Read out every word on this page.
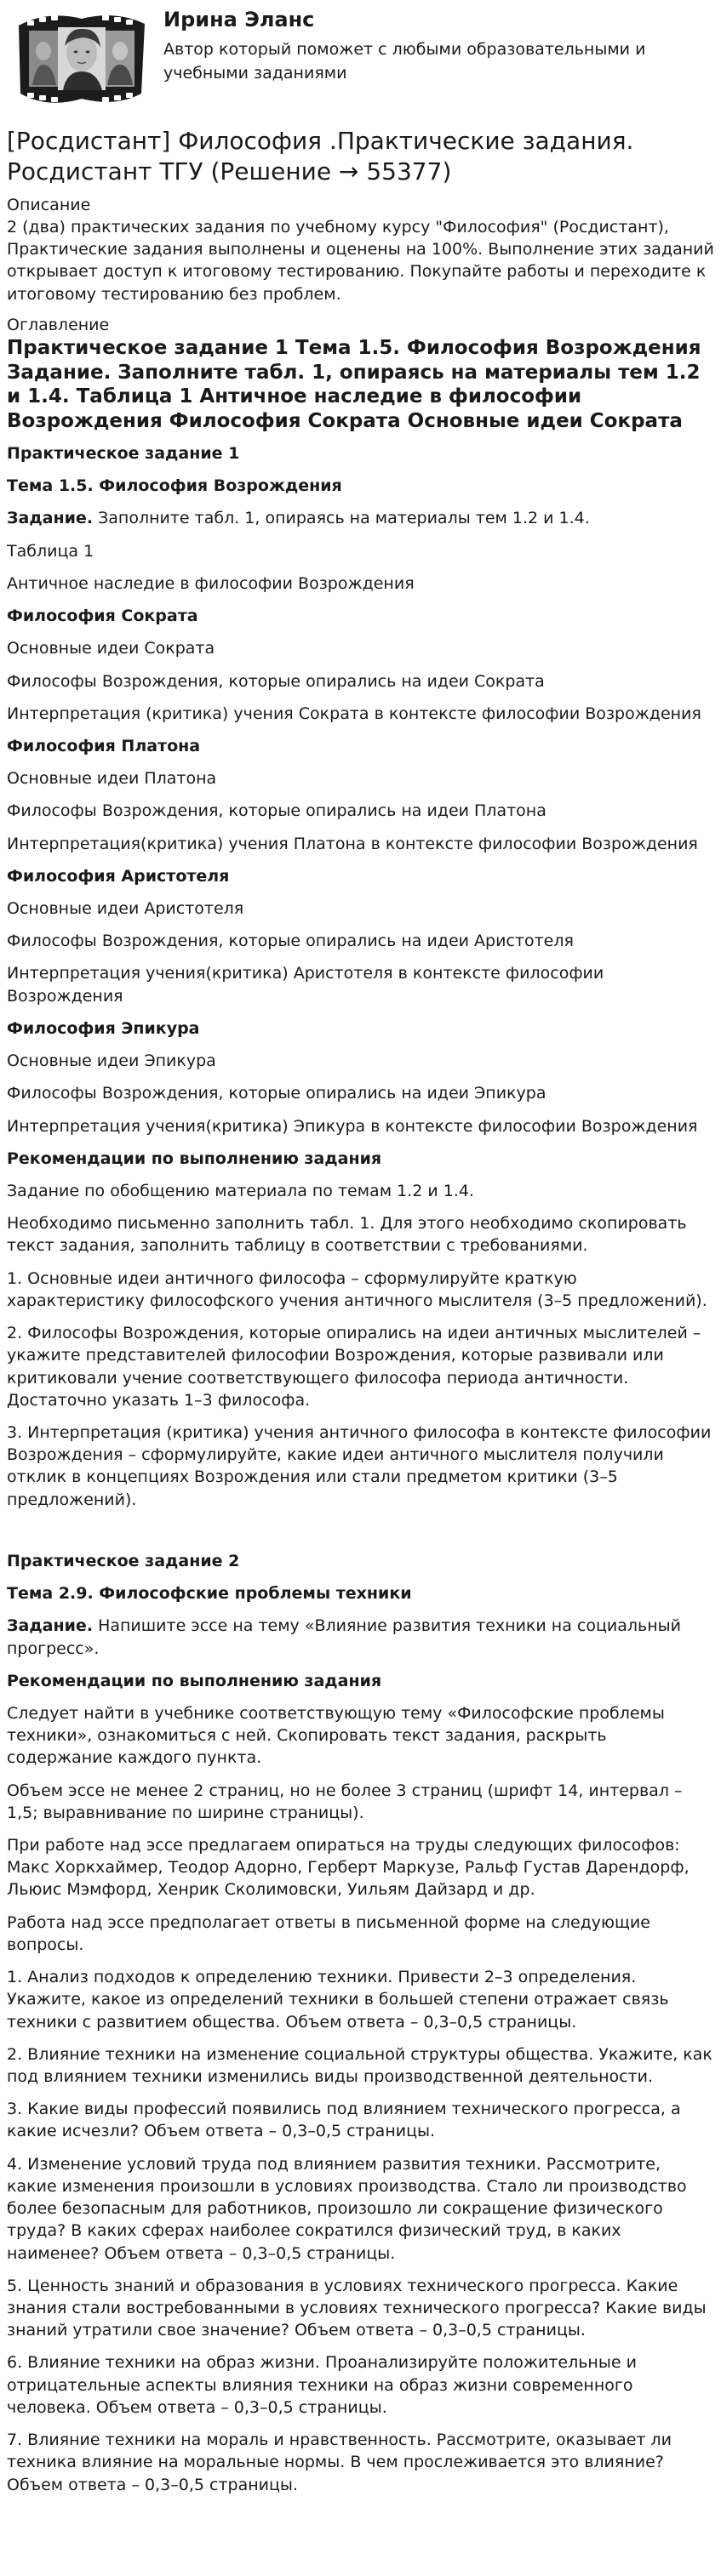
Ирина Эланс
Автор который поможет с любыми образовательными и учебными заданиями
[Росдистант] Философия .Практические задания. Росдистант ТГУ (Решение → 55377)
Описание
2 (два) практических задания по учебному курсу "Философия" (Росдистант), Практические задания выполнены и оценены на 100%. Выполнение этих заданий открывает доступ к итоговому тестированию. Покупайте работы и переходите к итоговому тестированию без проблем.
Оглавление
Практическое задание 1 Тема 1.5. Философия Возрождения Задание. Заполните табл. 1, опираясь на материалы тем 1.2 и 1.4. Таблица 1 Античное наследие в философии Возрождения Философия Сократа Основные идеи Сократа

Практическое задание 1

Тема 1.5. Философия Возрождения

Задание. Заполните табл. 1, опираясь на материалы тем 1.2 и 1.4.

Таблица 1

Античное наследие в философии Возрождения

Философия Сократа

Основные идеи Сократа

Философы Возрождения, которые опирались на идеи Сократа

Интерпретация (критика) учения Сократа в контексте философии Возрождения

Философия Платона

Основные идеи Платона

Философы Возрождения, которые опирались на идеи Платона

Интерпретация(критика) учения Платона в контексте философии Возрождения

Философия Аристотеля

Основные идеи Аристотеля

Философы Возрождения, которые опирались на идеи Аристотеля

Интерпретация учения(критика) Аристотеля в контексте философии Возрождения

Философия Эпикура

Основные идеи Эпикура

Философы Возрождения, которые опирались на идеи Эпикура

Интерпретация учения(критика) Эпикура в контексте философии Возрождения

Рекомендации по выполнению задания

Задание по обобщению материала по темам 1.2 и 1.4.

Необходимо письменно заполнить табл. 1. Для этого необходимо скопировать текст задания, заполнить таблицу в соответствии с требованиями.

1. Основные идеи античного философа – сформулируйте краткую характеристику философского учения античного мыслителя (3–5 предложений).

2. Философы Возрождения, которые опирались на идеи античных мыслителей – укажите представителей философии Возрождения, которые развивали или критиковали учение соответствующего философа периода античности. Достаточно указать 1–3 философа.

3. Интерпретация (критика) учения античного философа в контексте философии Возрождения – сформулируйте, какие идеи античного мыслителя получили отклик в концепциях Возрождения или стали предметом критики (3–5 предложений).

Практическое задание 2

Тема 2.9. Философские проблемы техники

Задание. Напишите эссе на тему «Влияние развития техники на социальный прогресс».

Рекомендации по выполнению задания

Следует найти в учебнике соответствующую тему «Философские проблемы техники», ознакомиться с ней. Скопировать текст задания, раскрыть содержание каждого пункта.

Объем эссе не менее 2 страниц, но не более 3 страниц (шрифт 14, интервал – 1,5; выравнивание по ширине страницы).

При работе над эссе предлагаем опираться на труды следующих философов: Макс Хоркхаймер, Теодор Адорно, Герберт Маркузе, Ральф Густав Дарендорф, Льюис Мэмфорд, Хенрик Сколимовски, Уильям Дайзард и др.

Работа над эссе предполагает ответы в письменной форме на следующие вопросы.

1. Анализ подходов к определению техники. Привести 2–3 определения. Укажите, какое из определений техники в большей степени отражает связь техники с развитием общества. Объем ответа – 0,3–0,5 страницы.

2. Влияние техники на изменение социальной структуры общества. Укажите, как под влиянием техники изменились виды производственной деятельности.

3. Какие виды профессий появились под влиянием технического прогресса, а какие исчезли? Объем ответа – 0,3–0,5 страницы.

4. Изменение условий труда под влиянием развития техники. Рассмотрите, какие изменения произошли в условиях производства. Стало ли производство более безопасным для работников, произошло ли сокращение физического труда? В каких сферах наиболее сократился физический труд, в каких наименее? Объем ответа – 0,3–0,5 страницы.

5. Ценность знаний и образования в условиях технического прогресса. Какие знания стали востребованными в условиях технического прогресса? Какие виды знаний утратили свое значение? Объем ответа – 0,3–0,5 страницы.

6. Влияние техники на образ жизни. Проанализируйте положительные и отрицательные аспекты влияния техники на образ жизни современного человека. Объем ответа – 0,3–0,5 страницы.

7. Влияние техники на мораль и нравственность. Рассмотрите, оказывает ли техника влияние на моральные нормы. В чем прослеживается это влияние? Объем ответа – 0,3–0,5 страницы.
